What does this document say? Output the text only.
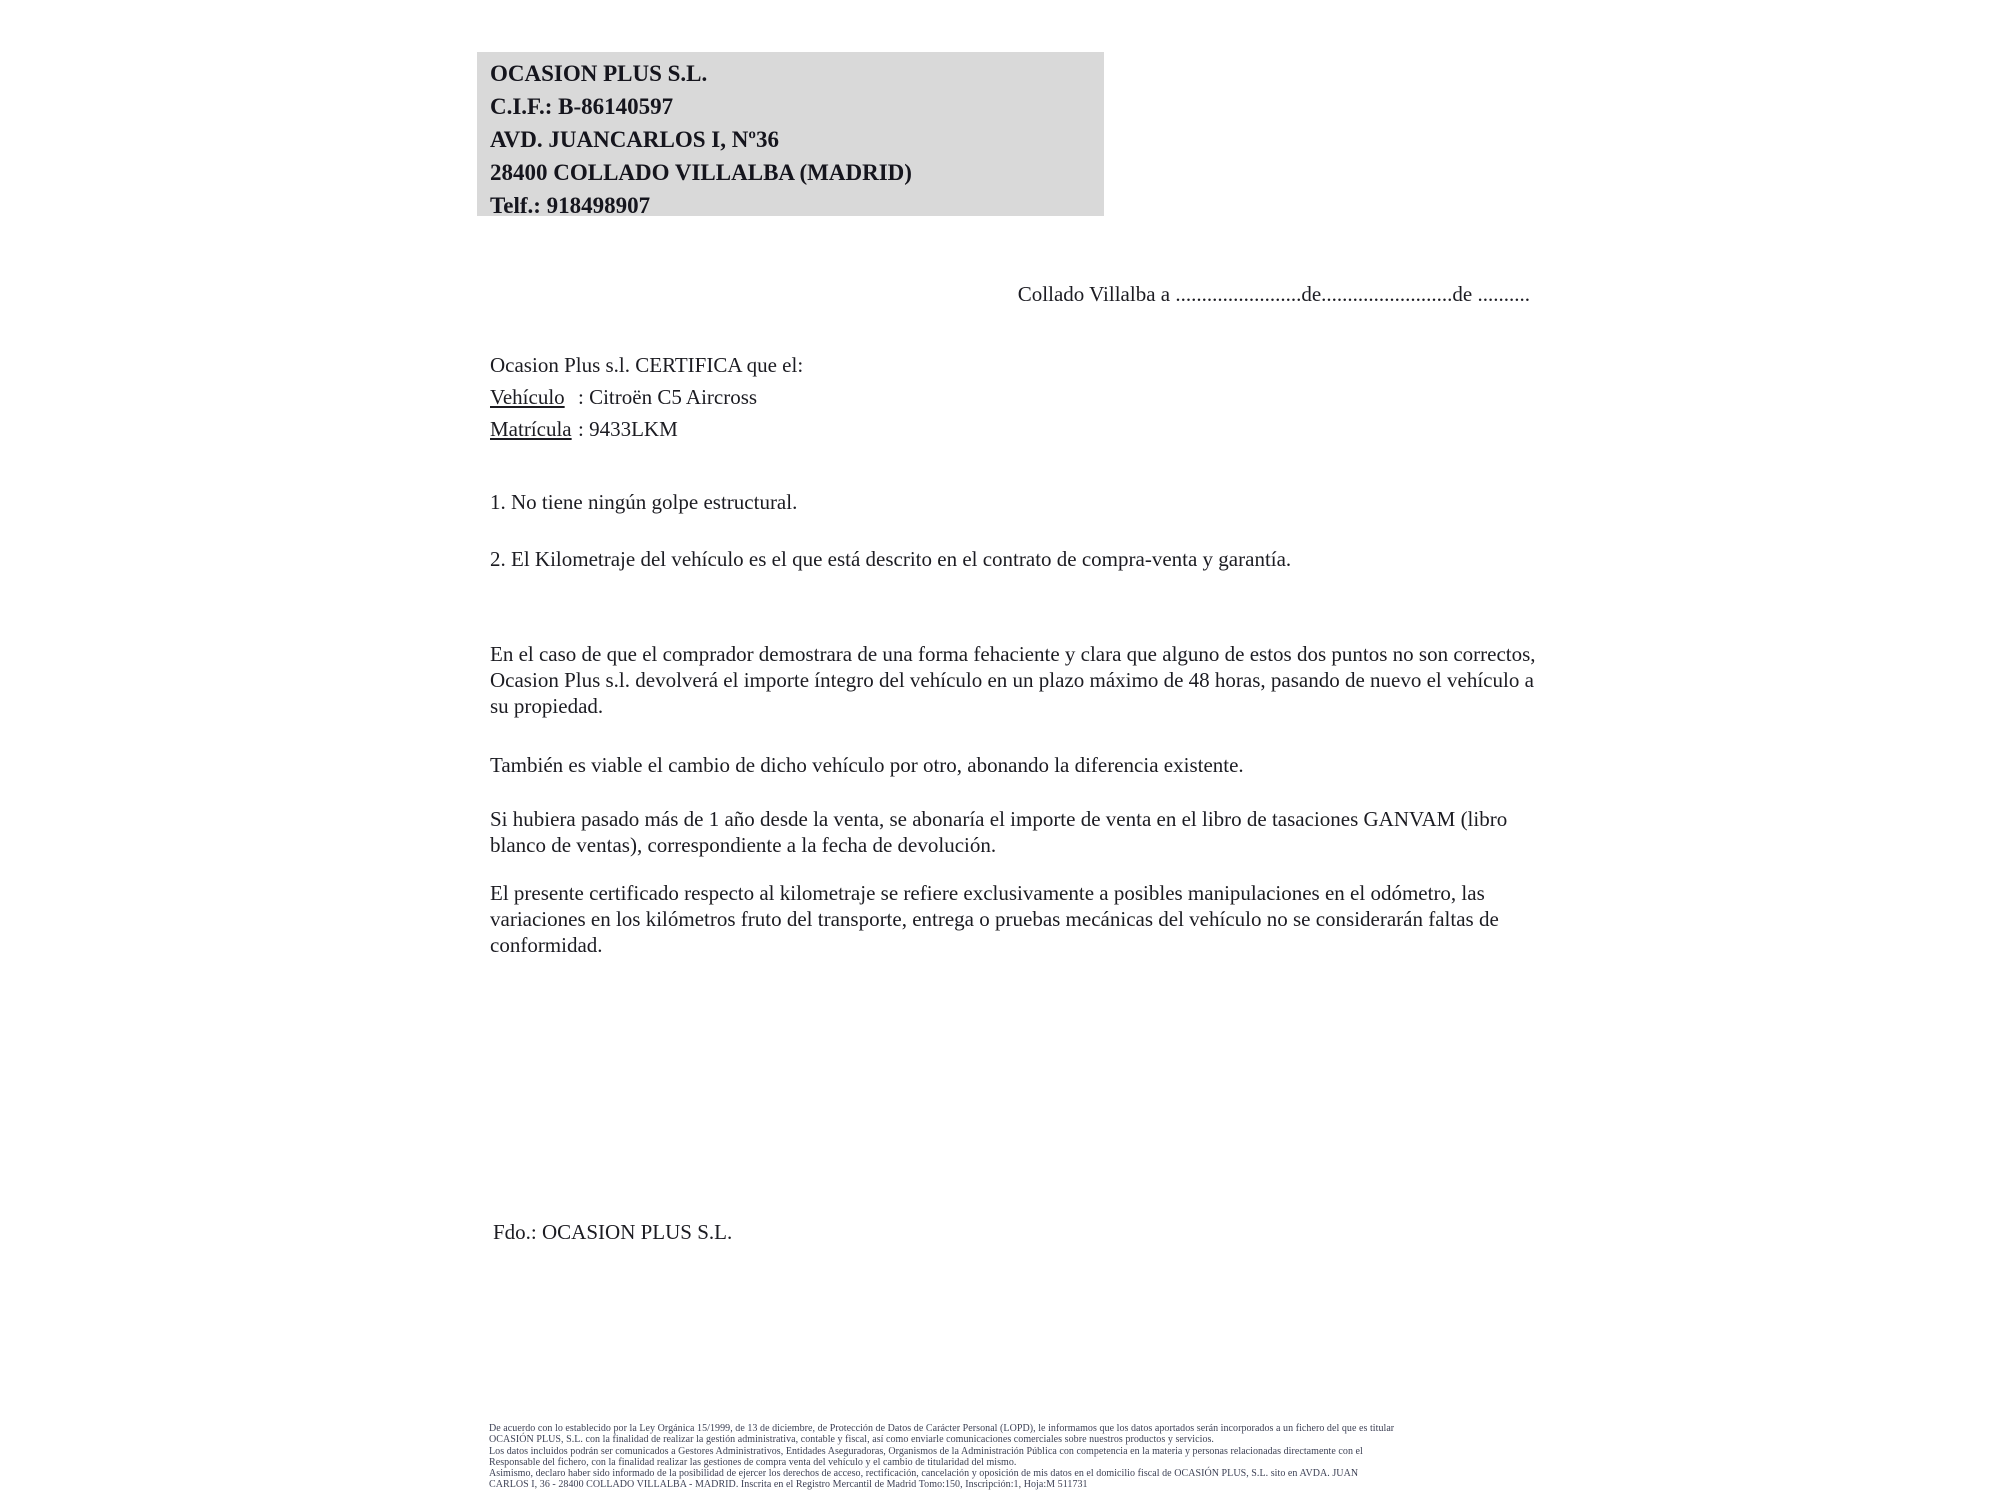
OCASION PLUS S.L.
C.I.F.: B-86140597
AVD. JUANCARLOS I, Nº36
28400 COLLADO VILLALBA (MADRID)
Telf.: 918498907
Collado Villalba a ........................de.........................de ..........
Ocasion Plus s.l. CERTIFICA que el:
Vehículo : Citroën C5 Aircross
Matrícula : 9433LKM
1. No tiene ningún golpe estructural.
2. El Kilometraje del vehículo es el que está descrito en el contrato de compra-venta y garantía.
En el caso de que el comprador demostrara de una forma fehaciente y clara que alguno de estos dos puntos no son correctos, Ocasion Plus s.l. devolverá el importe íntegro del vehículo en un plazo máximo de 48 horas, pasando de nuevo el vehículo a su propiedad.
También es viable el cambio de dicho vehículo por otro, abonando la diferencia existente.
Si hubiera pasado más de 1 año desde la venta, se abonaría el importe de venta en el libro de tasaciones GANVAM (libro blanco de ventas), correspondiente a la fecha de devolución.
El presente certificado respecto al kilometraje se refiere exclusivamente a posibles manipulaciones en el odómetro, las variaciones en los kilómetros fruto del transporte, entrega o pruebas mecánicas del vehículo no se considerarán faltas de conformidad.
Fdo.: OCASION PLUS S.L.
De acuerdo con lo establecido por la Ley Orgánica 15/1999, de 13 de diciembre, de Protección de Datos de Carácter Personal (LOPD), le informamos que los datos aportados serán incorporados a un fichero del que es titular
OCASIÓN PLUS, S.L. con la finalidad de realizar la gestión administrativa, contable y fiscal, así como enviarle comunicaciones comerciales sobre nuestros productos y servicios.
Los datos incluidos podrán ser comunicados a Gestores Administrativos, Entidades Aseguradoras, Organismos de la Administración Pública con competencia en la materia y personas relacionadas directamente con el
Responsable del fichero, con la finalidad realizar las gestiones de compra venta del vehículo y el cambio de titularidad del mismo.
Asimismo, declaro haber sido informado de la posibilidad de ejercer los derechos de acceso, rectificación, cancelación y oposición de mis datos en el domicilio fiscal de OCASIÓN PLUS, S.L. sito en AVDA. JUAN
CARLOS I, 36 - 28400 COLLADO VILLALBA - MADRID. Inscrita en el Registro Mercantil de Madrid Tomo:150, Inscripción:1, Hoja:M 511731
